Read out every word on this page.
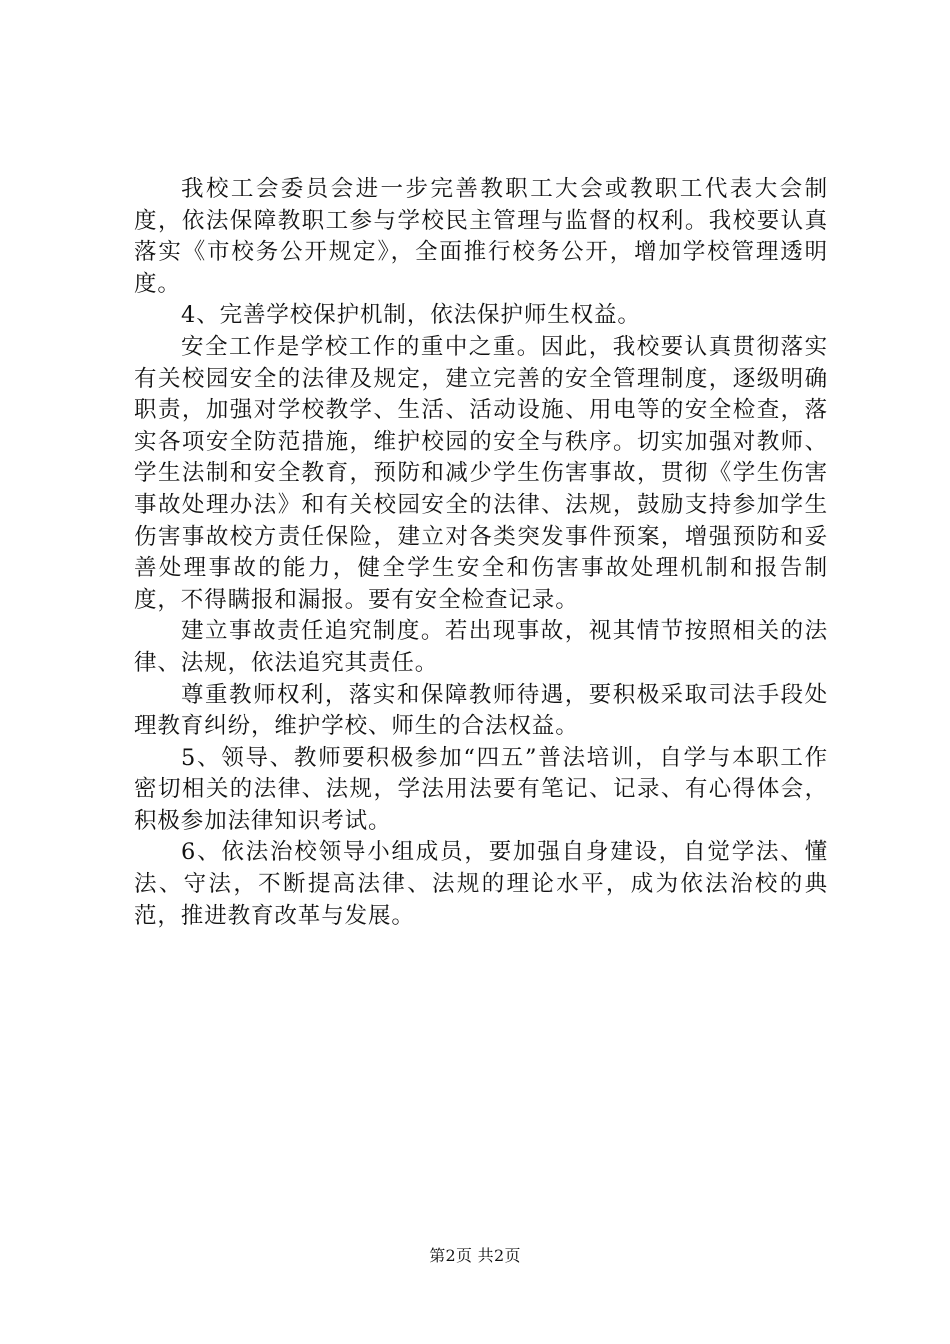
我校工会委员会进一步完善教职工大会或教职工代表大会制度，依法保障教职工参与学校民主管理与监督的权利。我校要认真落实《市校务公开规定》，全面推行校务公开，增加学校管理透明度。

4、完善学校保护机制，依法保护师生权益。

安全工作是学校工作的重中之重。因此，我校要认真贯彻落实有关校园安全的法律及规定，建立完善的安全管理制度，逐级明确职责，加强对学校教学、生活、活动设施、用电等的安全检查，落实各项安全防范措施，维护校园的安全与秩序。切实加强对教师、学生法制和安全教育，预防和减少学生伤害事故，贯彻《学生伤害事故处理办法》和有关校园安全的法律、法规，鼓励支持参加学生伤害事故校方责任保险，建立对各类突发事件预案，增强预防和妥善处理事故的能力，健全学生安全和伤害事故处理机制和报告制度，不得瞒报和漏报。要有安全检查记录。

建立事故责任追究制度。若出现事故，视其情节按照相关的法律、法规，依法追究其责任。

尊重教师权利，落实和保障教师待遇，要积极采取司法手段处理教育纠纷，维护学校、师生的合法权益。

5、领导、教师要积极参加“四五”普法培训，自学与本职工作密切相关的法律、法规，学法用法要有笔记、记录、有心得体会，积极参加法律知识考试。

6、依法治校领导小组成员，要加强自身建设，自觉学法、懂法、守法，不断提高法律、法规的理论水平，成为依法治校的典范，推进教育改革与发展。

第2页 共2页
